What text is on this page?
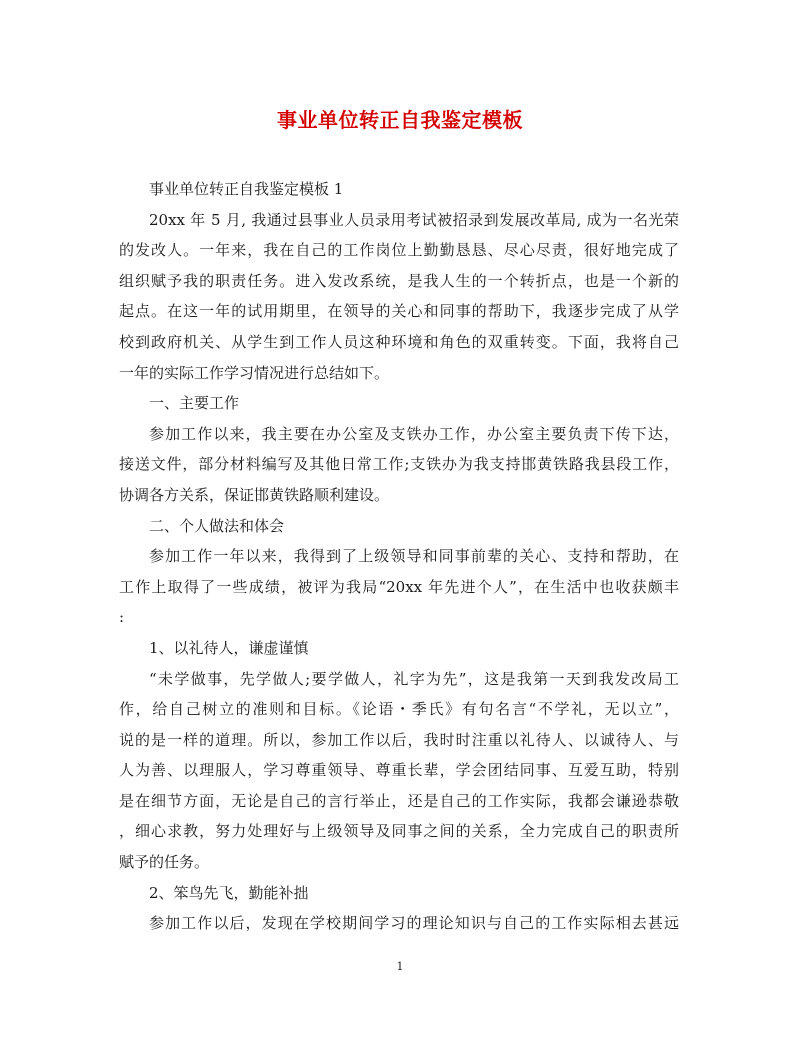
事业单位转正自我鉴定模板
事业单位转正自我鉴定模板 1
20xx 年 5 月, 我通过县事业人员录用考试被招录到发展改革局, 成为一名光荣
的发改人。一年来，我在自己的工作岗位上勤勤恳恳、尽心尽责，很好地完成了
组织赋予我的职责任务。进入发改系统，是我人生的一个转折点，也是一个新的
起点。在这一年的试用期里，在领导的关心和同事的帮助下，我逐步完成了从学
校到政府机关、从学生到工作人员这种环境和角色的双重转变。下面，我将自己
一年的实际工作学习情况进行总结如下。
一、主要工作
参加工作以来，我主要在办公室及支铁办工作，办公室主要负责下传下达，
接送文件，部分材料编写及其他日常工作;支铁办为我支持邯黄铁路我县段工作，
协调各方关系，保证邯黄铁路顺利建设。
二、个人做法和体会
参加工作一年以来，我得到了上级领导和同事前辈的关心、支持和帮助，在
工作上取得了一些成绩，被评为我局“20xx 年先进个人”，在生活中也收获颇丰
:
1、以礼待人，谦虚谨慎
“未学做事，先学做人;要学做人，礼字为先”，这是我第一天到我发改局工
作，给自己树立的准则和目标。《论语・季氏》有句名言“不学礼，无以立”，
说的是一样的道理。所以，参加工作以后，我时时注重以礼待人、以诚待人、与
人为善、以理服人，学习尊重领导、尊重长辈，学会团结同事、互爱互助，特别
是在细节方面，无论是自己的言行举止，还是自己的工作实际，我都会谦逊恭敬
，细心求教，努力处理好与上级领导及同事之间的关系，全力完成自己的职责所
赋予的任务。
2、笨鸟先飞，勤能补拙
参加工作以后，发现在学校期间学习的理论知识与自己的工作实际相去甚远
1
